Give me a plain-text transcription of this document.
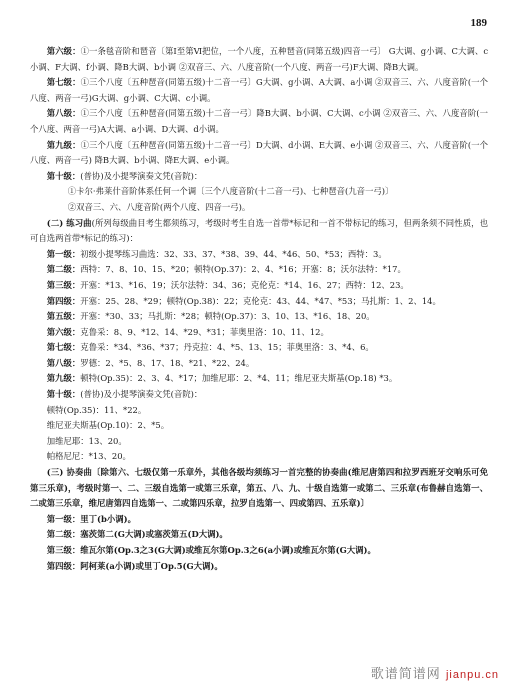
189

第六级：①一条毯音阶和琶音〔第Ⅰ至第Ⅵ把位，一个八度，五种琶音(同第五级)四音一弓〕 G大调、g小调、C大调、c小调、F大调、f小调、降B大调、b小调 ②双音三、六、八度音阶(一个八度、两音一弓)F大调、降B大调。

第七级：①三个八度〔五种琶音(同第五级)十二音一弓〕G大调、g小调、A大调、a小调 ②双音三、六、八度音阶(一个八度、两音一弓)G大调、g小调、C大调、c小调。

第八级：①三个八度〔五种琶音(同第五级)十二音一弓〕降B大调、b小调、C大调、c小调 ②双音三、六、八度音阶(一个八度、两音一弓)A大调、a小调、D大调、d小调。

第九级：①三个八度〔五种琶音(同第五级)十二音一弓〕D大调、d小调、E大调、e小调 ②双音三、六、八度音阶(一个八度、两音一弓) 降B大调、b小调、降E大调、e小调。

第十级：(普协)及小提琴演奏文凭(音院)：

①卡尔·弗莱什音阶体系任何一个调〔三个八度音阶(十二音一弓)、七种琶音(九音一弓)〕

②双音三、六、八度音阶(两个八度、四音一弓)。

(二) 练习曲(所列每级曲目考生都须练习，考级时考生自选一首带*标记和一首不带标记的练习，但两条须不同性质，也可自选两首带*标记的练习)：

第一级：初级小提琴练习曲选：32、33、37、*38、39、44、*46、50、*53；西特：3。

第二级：西特：7、8、10、15、*20；顿特(Op.37)：2、4、*16；开塞：8；沃尔法特：*17。

第三级：开塞：*13、*16、19；沃尔法特：34、36；克伦克：*14、16、27；西特：12、23。

第四级：开塞：25、28、*29；顿特(Op.38)：22；克伦克：43、44、*47、*53；马扎斯：1、2、14。

第五级：开塞：*30、33；马扎斯：*28；顿特(Op.37)：3、10、13、*16、18、20。

第六级：克鲁采：8、9、*12、14、*29、*31；菲奥里洛：10、11、12。

第七级：克鲁采：*34、*36、*37；丹克拉：4、*5、13、15；菲奥里洛：3、*4、6。

第八级：罗德：2、*5、8、17、18、*21、*22、24。

第九级：顿特(Op.35)：2、3、4、*17；加维尼耶：2、*4、11；维尼亚夫斯基(Op.18) *3。

第十级：(普协)及小提琴演奏文凭(音院)：

顿特(Op.35)：11、*22。

维尼亚夫斯基(Op.10)：2、*5。

加维尼耶：13、20。

帕格尼尼：*13、20。

(三) 协奏曲〔除第六、七级仅第一乐章外，其他各级均须练习一首完整的协奏曲(维尼唐第四和拉罗西班牙交响乐可免第三乐章)，考级时第一、二、三级自选第一或第三乐章，第五、八、九、十级自选第一或第二、三乐章(布鲁赫自选第一、二或第三乐章，维尼唐第四自选第一、二或第四乐章，拉罗自选第一、四或第四、五乐章)〕

第一级：里丁(b小调)。

第二级：塞茨第二(G大调)或塞茨第五(D大调)。

第三级：维瓦尔第(Op.3之3(G大调)或维瓦尔第Op.3之6(a小调)或维瓦尔第(G大调)。

第四级：阿柯莱(a小调)或里丁Op.5(G大调)。

歌谱简谱网 jianpu.cn
